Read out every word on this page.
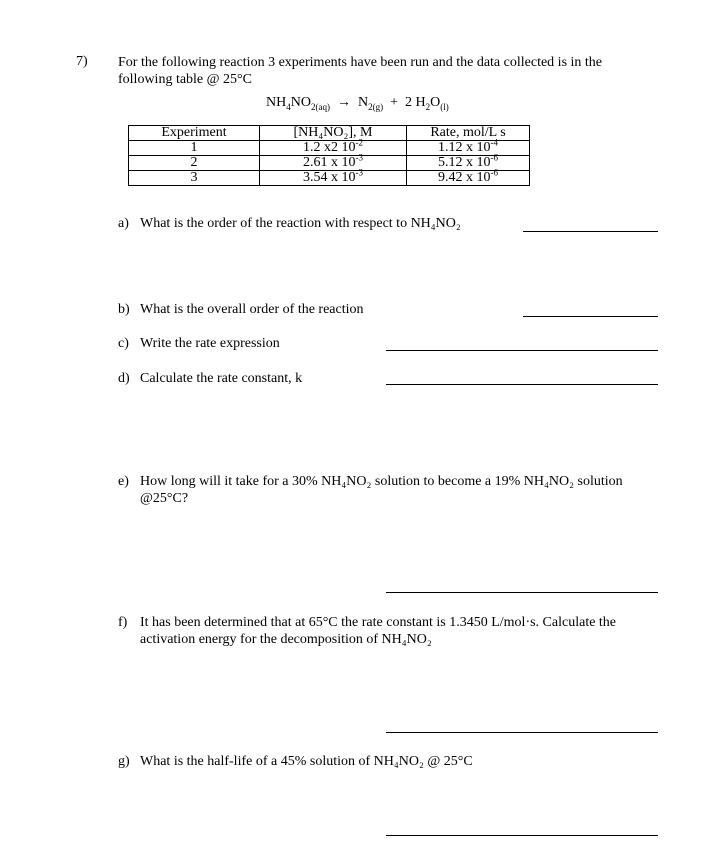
7) For the following reaction 3 experiments have been run and the data collected is in the
following table @ 25°C
$NH_4NO_{2(aq)} \to N_{2(g)} + 2$ $H_2O_{(l)}$
Experiment	[NH₄NO₂], M	Rate, mol/L s
1	1.2 x2 $10^{-2}$	1.12 x $10^{-4}$
2	2.61 x $10^{-3}$	5.12 x $10^{-6}$
3	3.54 x $10^{-3}$	9.42 x $10^{-6}$
a) What is the order of the reaction with respect to NH₄NO₂
b) What is the overall order of the reaction
c) Write the rate expression
d) Calculate the rate constant, k
e) How long will it take for a 30% NH₄NO₂ solution to become a 19% NH₄NO₂ solution
@25°C?
f) It has been determined that at 65°C the rate constant is 1.3450 L/mol·s. Calculate the
activation energy for the decomposition of NH₄NO₂
g) What is the half-life of a 45% solution of NH₄NO₂ @ 25°C
